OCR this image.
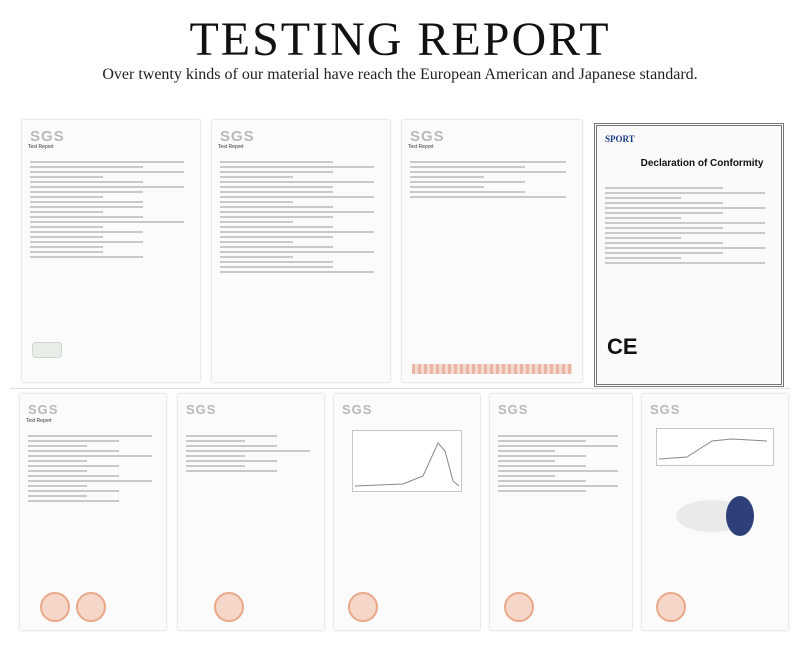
TESTING REPORT
Over twenty kinds of our material have reach the European American and Japanese standard.
SGS
Test Report
SGS
Test Report
SGS
Test Report
SPORT
Declaration of Conformity
CE
SGS
Test Report
SGS	SGS	SGS	SGS
